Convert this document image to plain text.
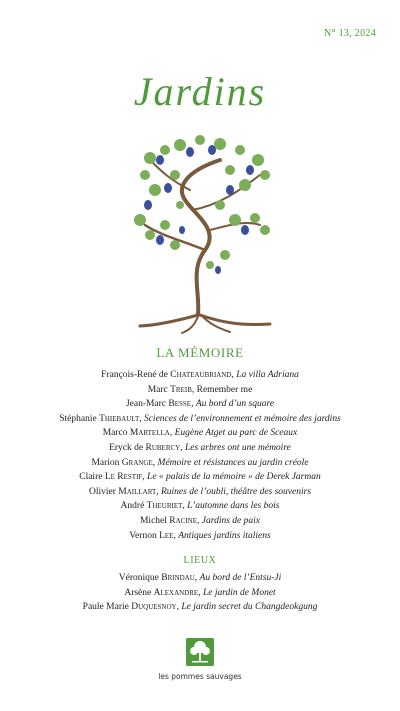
N° 13, 2024
Jardins
LA MÉMOIRE
François-René de Chateaubriand, La villa Adriana
Marc Treib, Remember me
Jean-Marc Besse, Au bord d’un square
Stéphanie Thiebault, Sciences de l’environnement et mémoire des jardins
Marco Martella, Eugène Atget au parc de Sceaux
Eryck de Rubercy, Les arbres ont une mémoire
Marion Grange, Mémoire et résistances au jardin créole
Claire Le Restif, Le « palais de la mémoire » de Derek Jarman
Olivier Maillart, Ruines de l’oubli, théâtre des souvenirs
André Theuriet, L’automne dans les bois
Michel Racine, Jardins de paix
Vernon Lee, Antiques jardins italiens
LIEUX
Véronique Brindau, Au bord de l’Entsu-Ji
Arsène Alexandre, Le jardin de Monet
Paule Marie Duquesnoy, Le jardin secret du Changdeokgung
les pommes sauvages
